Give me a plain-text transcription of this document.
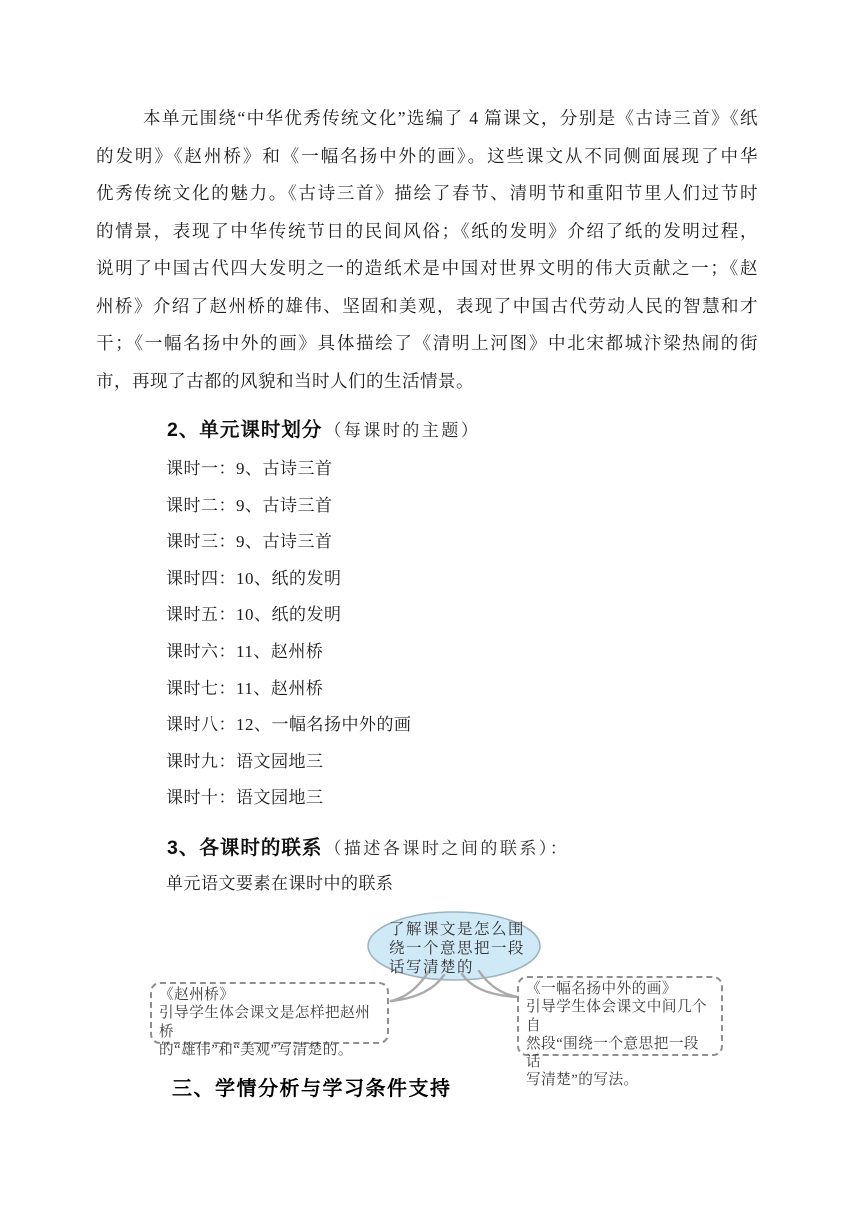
本单元围绕“中华优秀传统文化”选编了 4 篇课文，分别是《古诗三首》《纸
的发明》《赵州桥》和《一幅名扬中外的画》。这些课文从不同侧面展现了中华
优秀传统文化的魅力。《古诗三首》描绘了春节、清明节和重阳节里人们过节时
的情景，表现了中华传统节日的民间风俗；《纸的发明》介绍了纸的发明过程，
说明了中国古代四大发明之一的造纸术是中国对世界文明的伟大贡献之一；《赵
州桥》介绍了赵州桥的雄伟、坚固和美观，表现了中国古代劳动人民的智慧和才
干；《一幅名扬中外的画》具体描绘了《清明上河图》中北宋都城汴梁热闹的街
市，再现了古都的风貌和当时人们的生活情景。
2、单元课时划分 （每课时的主题）
课时一：9、古诗三首
课时二：9、古诗三首
课时三：9、古诗三首
课时四：10、纸的发明
课时五：10、纸的发明
课时六：11、赵州桥
课时七：11、赵州桥
课时八：12、一幅名扬中外的画
课时九：语文园地三
课时十：语文园地三
3、各课时的联系 （描述各课时之间的联系）：
单元语文要素在课时中的联系
了解课文是怎么围
绕一个意思把一段
话写清楚的
《赵州桥》
引导学生体会课文是怎样把赵州桥
的“雄伟”和“美观”写清楚的。
《一幅名扬中外的画》
引导学生体会课文中间几个自
然段“围绕一个意思把一段话
写清楚”的写法。
三、学情分析与学习条件支持
